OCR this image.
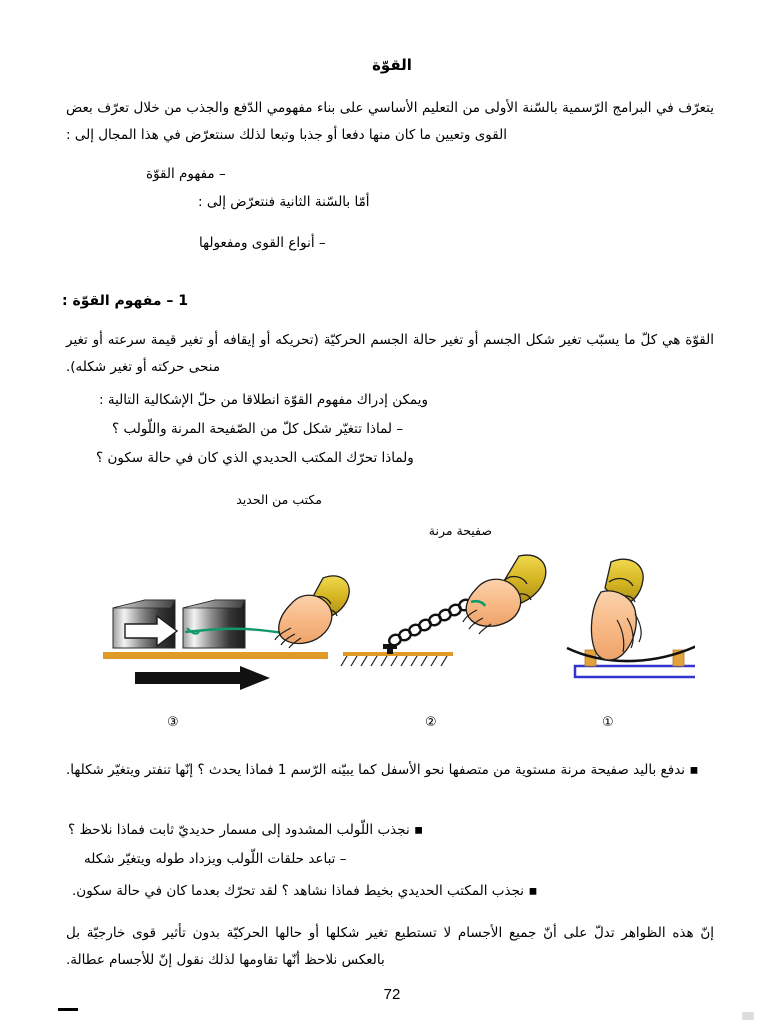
القوّة
يتعرّف في البرامج الرّسمية بالسّنة الأولى من التعليم الأساسي على بناء مفهومي الدّفع والجذب من خلال تعرّف بعض القوى وتعيين ما كان منها دفعا أو جذبا وتبعا لذلك سنتعرّض في هذا المجال إلى :
– مفهوم القوّة
أمّا بالسّنة الثانية فنتعرّض إلى :
– أنواع القوى ومفعولها
1 – مفهوم القوّة :
القوّة هي كلّ ما يسبّب تغير شكل الجسم أو تغير حالة الجسم الحركيّة (تحريكه أو إيقافه أو تغير قيمة سرعته أو تغير منحى حركته أو تغير شكله).
ويمكن إدراك مفهوم القوّة انطلاقا من حلّ الإشكالية التالية :
– لماذا تتغيّر شكل كلّ من الصّفيحة المرنة واللّولب ؟
ولماذا تحرّك المكتب الحديدي الذي كان في حالة سكون ؟
مكتب من الحديد
صفيحة مرنة
③	②	①
▪ ندفع باليد صفيحة مرنة مستوية من متصفها نحو الأسفل كما يبيّنه الرّسم 1 فماذا يحدث ؟ إنّها تنفتر ويتغيّر شكلها.
▪ نجذب اللّولب المشدود إلى مسمار حديديّ ثابت فماذا نلاحظ ؟
– تباعد حلقات اللّولب ويزداد طوله ويتغيّر شكله
▪ نجذب المكتب الحديدي بخيط فماذا نشاهد ؟ لقد تحرّك بعدما كان في حالة سكون.
إنّ هذه الظواهر تدلّ على أنّ جميع الأجسام لا تستطيع تغير شكلها أو حالها الحركيّة بدون تأثير قوى خارجيّة بل بالعكس نلاحظ أنّها تقاومها لذلك نقول إنّ للأجسام عطالة.
72
